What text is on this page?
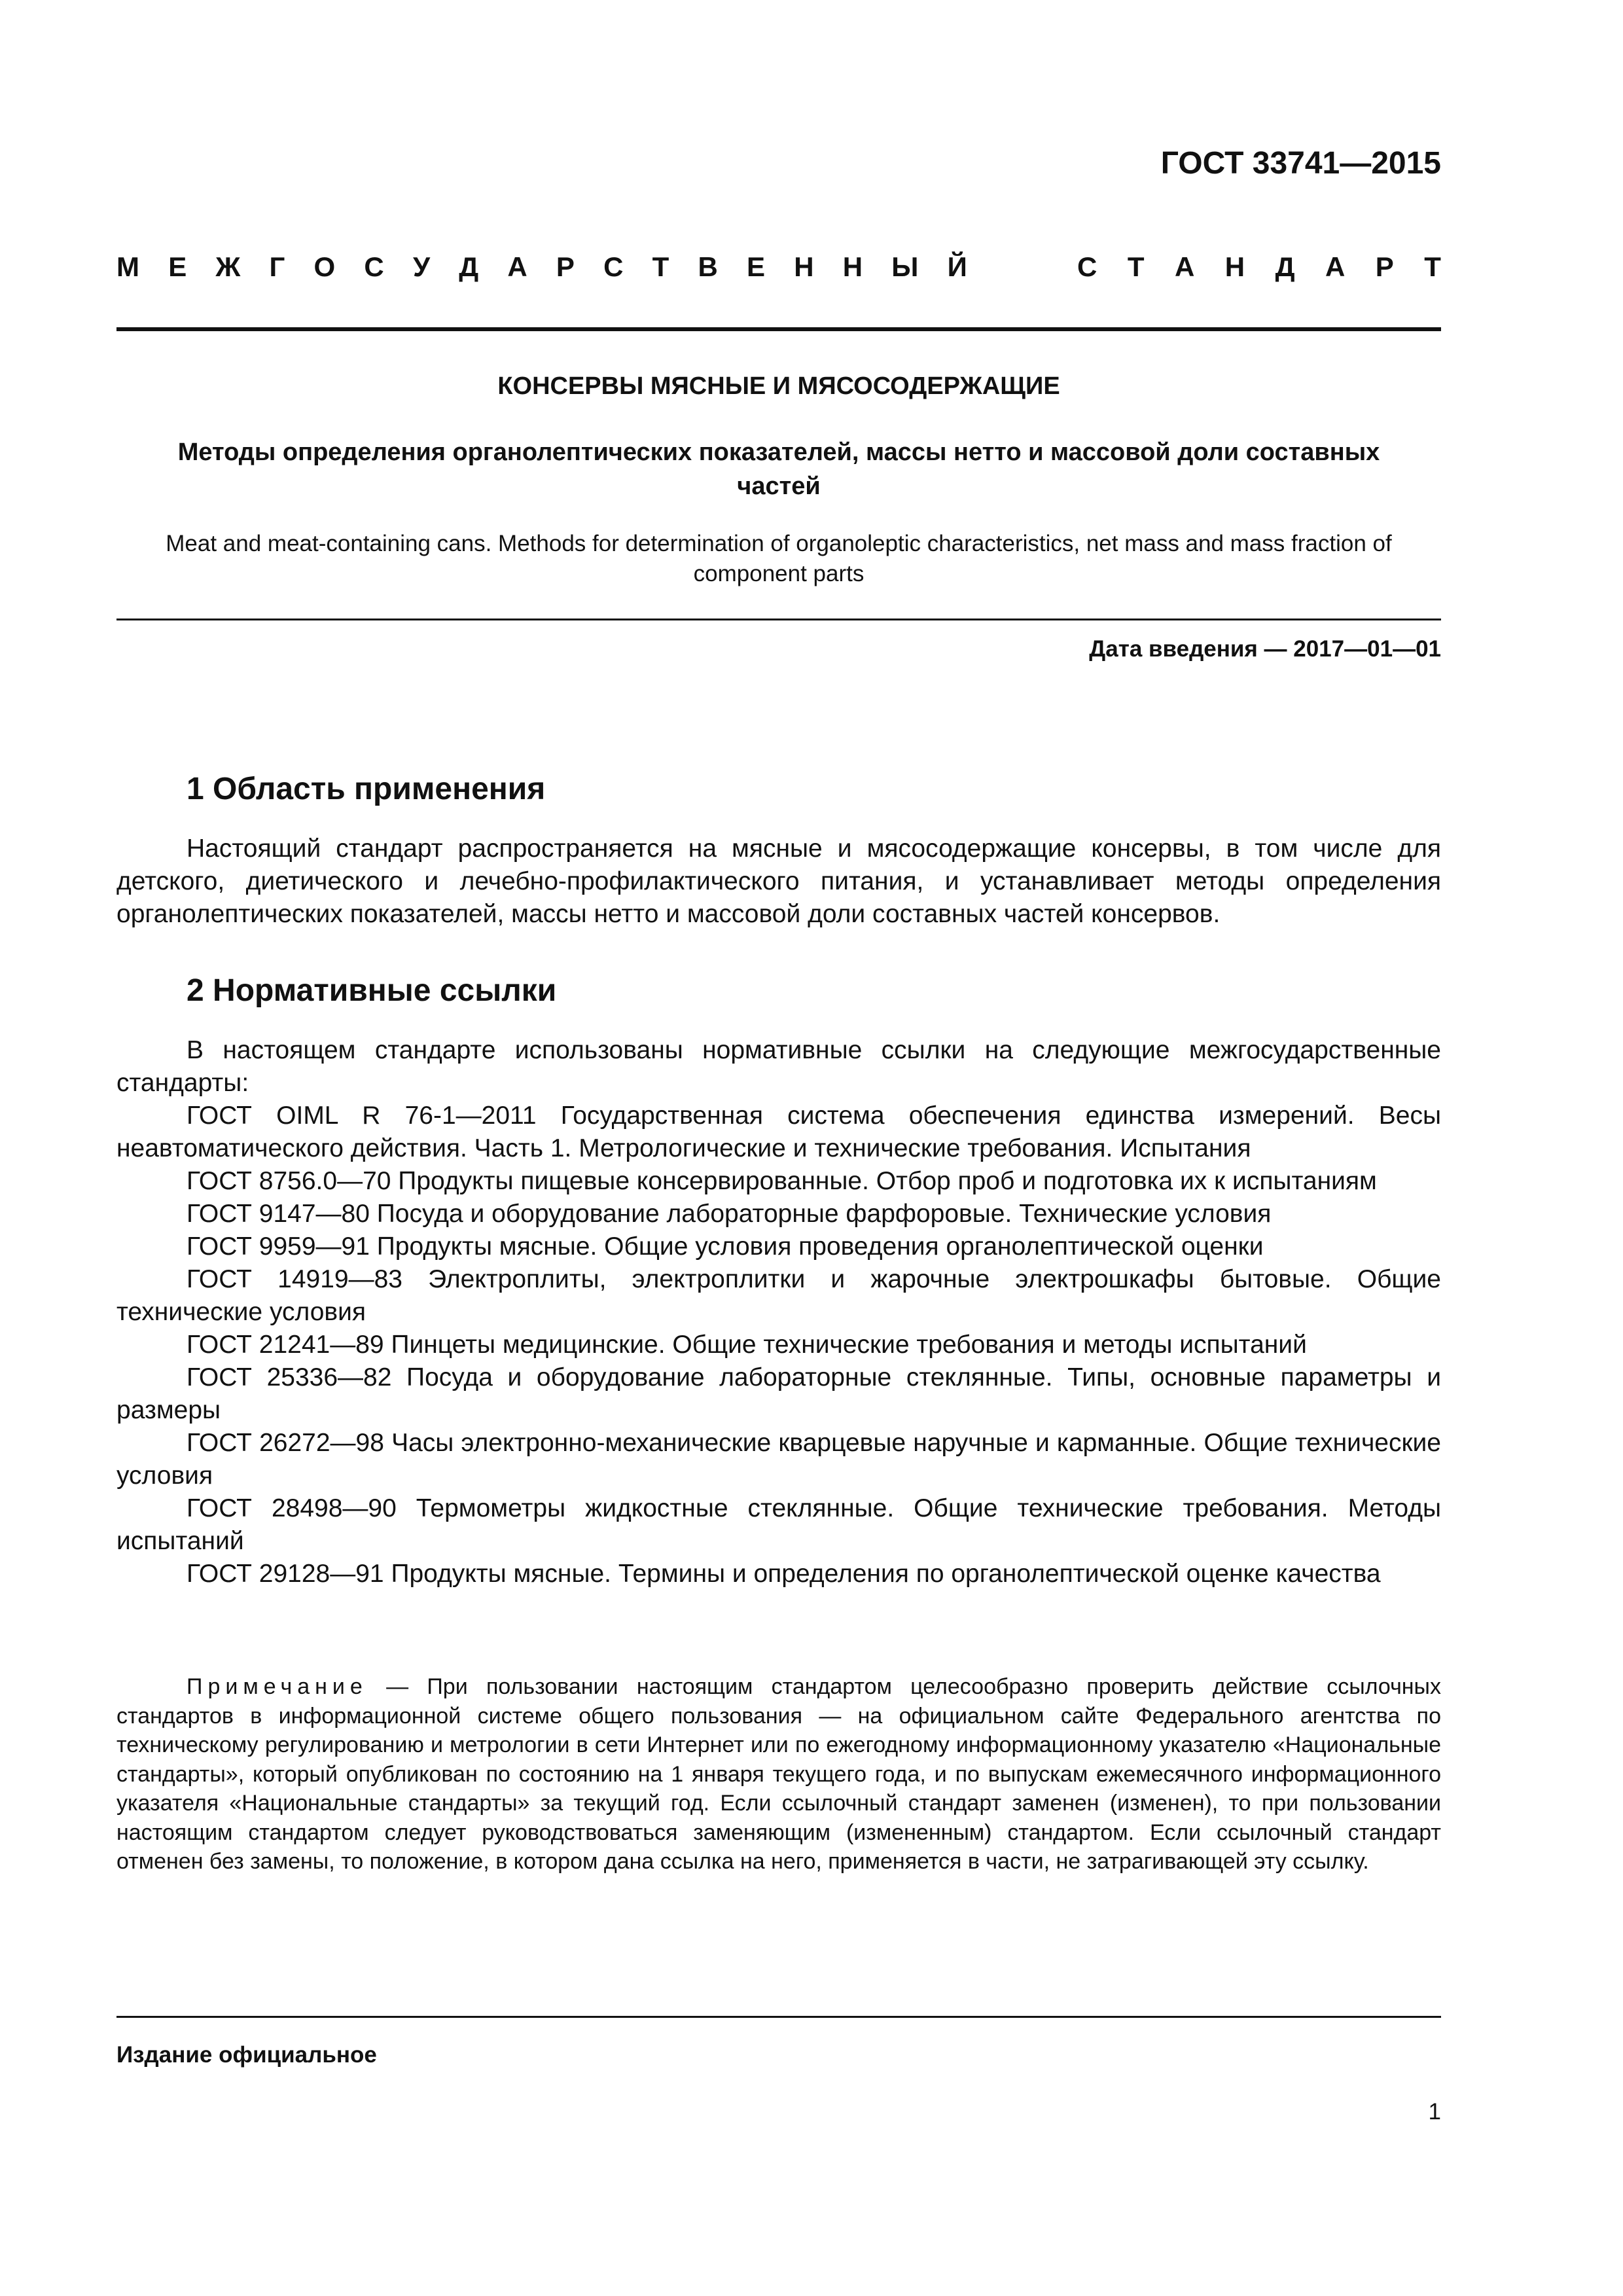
ГОСТ 33741—2015
М Е Ж Г О С У Д А Р С Т В Е Н Н Ы Й	С Т А Н Д А Р Т
КОНСЕРВЫ МЯСНЫЕ И МЯСОСОДЕРЖАЩИЕ
Методы определения органолептических показателей, массы нетто и массовой доли составных частей
Meat and meat-containing cans. Methods for determination of organoleptic characteristics, net mass and mass fraction of component parts
Дата введения — 2017—01—01
1 Область применения
Настоящий стандарт распространяется на мясные и мясосодержащие консервы, в том числе для детского, диетического и лечебно-профилактического питания, и устанавливает методы определения органолептических показателей, массы нетто и массовой доли составных частей консервов.
2 Нормативные ссылки
В настоящем стандарте использованы нормативные ссылки на следующие межгосударственные стандарты:
ГОСТ OIML R 76-1—2011 Государственная система обеспечения единства измерений. Весы неавтоматического действия. Часть 1. Метрологические и технические требования. Испытания
ГОСТ 8756.0—70 Продукты пищевые консервированные. Отбор проб и подготовка их к испытаниям
ГОСТ 9147—80 Посуда и оборудование лабораторные фарфоровые. Технические условия
ГОСТ 9959—91 Продукты мясные. Общие условия проведения органолептической оценки
ГОСТ 14919—83 Электроплиты, электроплитки и жарочные электрошкафы бытовые. Общие технические условия
ГОСТ 21241—89 Пинцеты медицинские. Общие технические требования и методы испытаний
ГОСТ 25336—82 Посуда и оборудование лабораторные стеклянные. Типы, основные параметры и размеры
ГОСТ 26272—98 Часы электронно-механические кварцевые наручные и карманные. Общие технические условия
ГОСТ 28498—90 Термометры жидкостные стеклянные. Общие технические требования. Методы испытаний
ГОСТ 29128—91 Продукты мясные. Термины и определения по органолептической оценке качества
Примечание — При пользовании настоящим стандартом целесообразно проверить действие ссылочных стандартов в информационной системе общего пользования — на официальном сайте Федерального агентства по техническому регулированию и метрологии в сети Интернет или по ежегодному информационному указателю «Национальные стандарты», который опубликован по состоянию на 1 января текущего года, и по выпускам ежемесячного информационного указателя «Национальные стандарты» за текущий год. Если ссылочный стандарт заменен (изменен), то при пользовании настоящим стандартом следует руководствоваться заменяющим (измененным) стандартом. Если ссылочный стандарт отменен без замены, то положение, в котором дана ссылка на него, применяется в части, не затрагивающей эту ссылку.
Издание официальное
1
